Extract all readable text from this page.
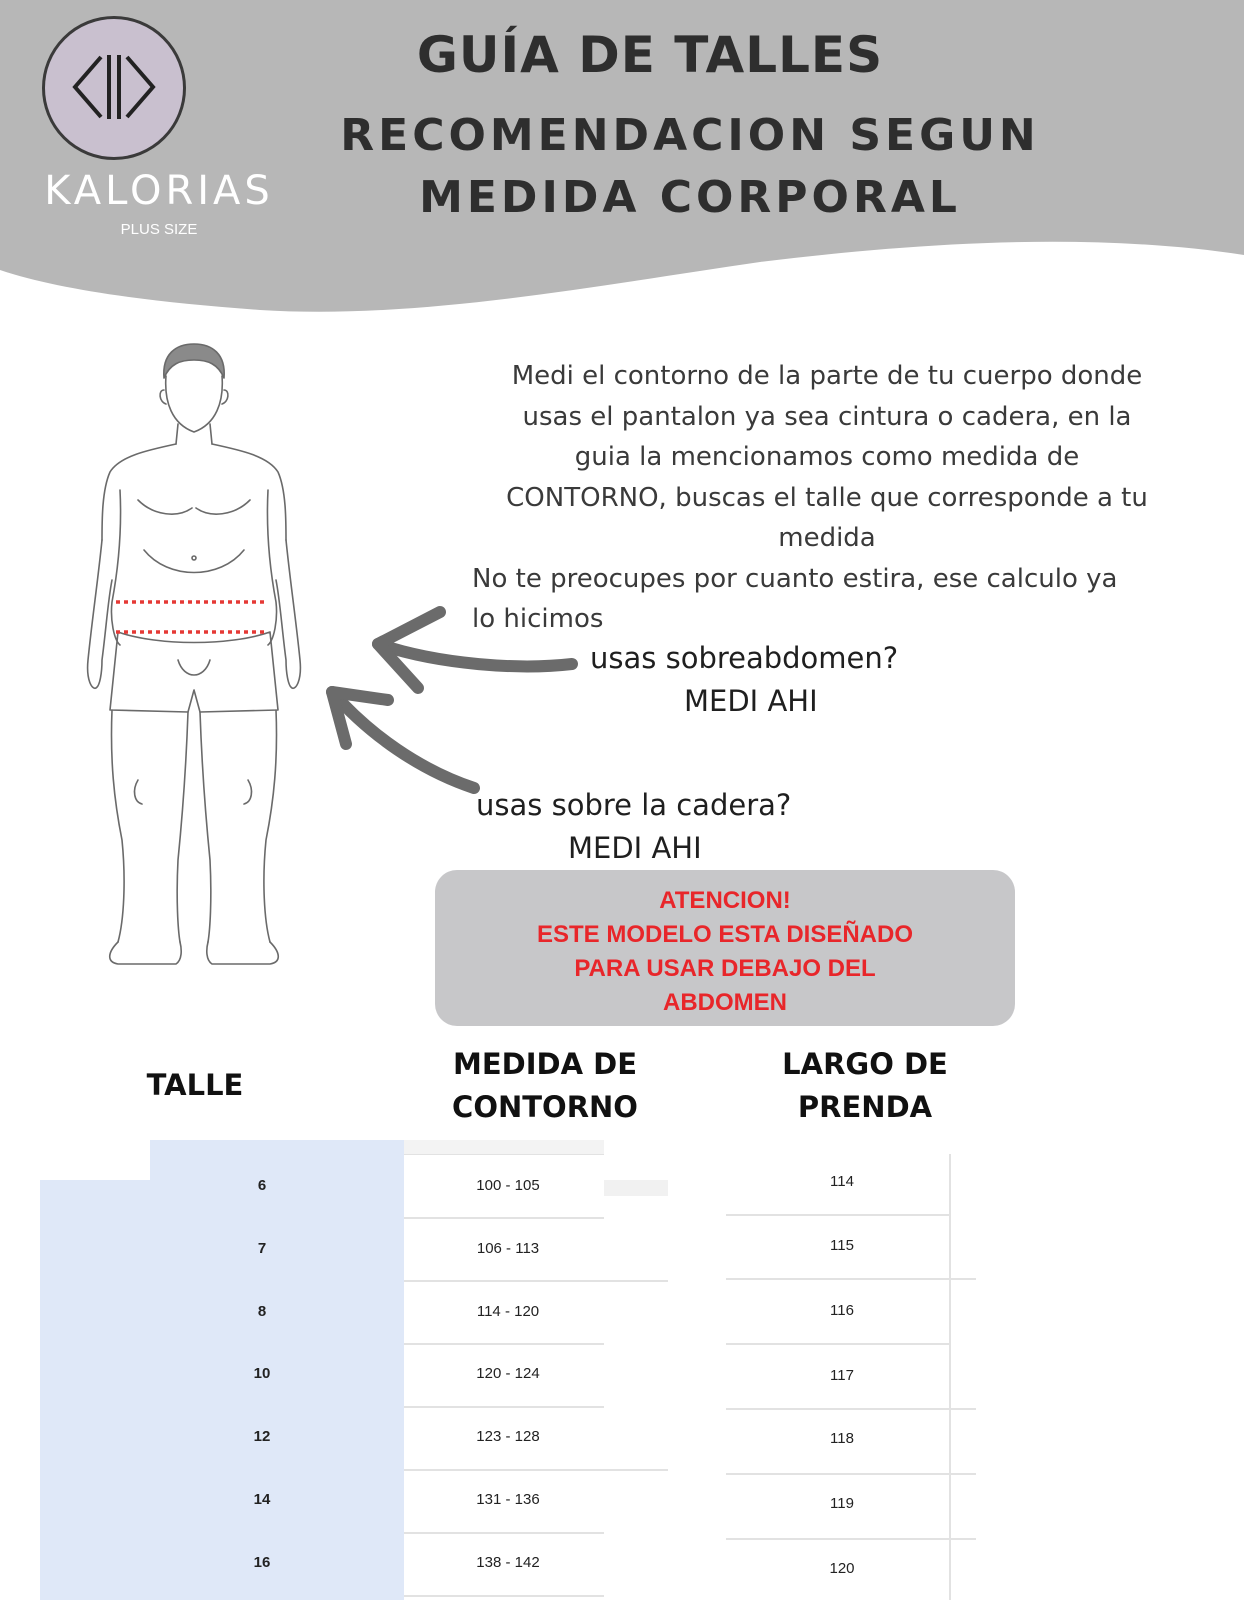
KALORIAS
PLUS SIZE
GUÍA DE TALLES
RECOMENDACION SEGUN
MEDIDA CORPORAL
Medi el contorno de la parte de tu cuerpo donde
usas el pantalon ya sea cintura o cadera, en la
guia la mencionamos como medida de
CONTORNO, buscas el talle que corresponde a tu
medida
No te preocupes por cuanto estira, ese calculo ya
lo hicimos
usas sobreabdomen?
MEDI AHI
usas sobre la cadera?
MEDI AHI
ATENCION!
ESTE MODELO ESTA DISEÑADO
PARA USAR DEBAJO DEL
ABDOMEN
TALLE
MEDIDA DE
CONTORNO
LARGO DE
PRENDA
6	100 - 105	114
7	106 - 113	115
8	114 - 120	116
10	120 - 124	117
12	123 - 128	118
14	131 - 136	119
16	138 - 142	120
